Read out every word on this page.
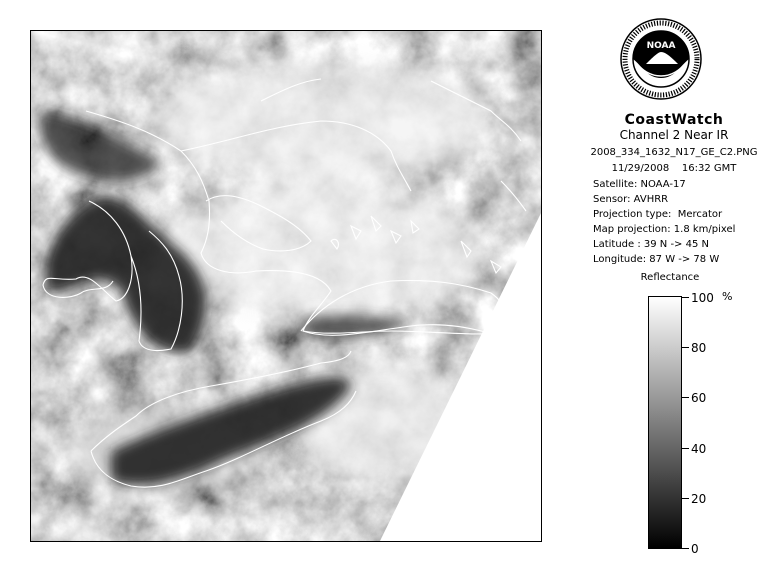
NOAA
CoastWatch
Channel 2 Near IR
2008_334_1632_N17_GE_C2.PNG
11/29/2008    16:32 GMT
Satellite: NOAA-17
Sensor: AVHRR
Projection type:  Mercator
Map projection: 1.8 km/pixel
Latitude : 39 N -> 45 N
Longitude: 87 W -> 78 W
Reflectance
%
100
80
60
40
20
0
